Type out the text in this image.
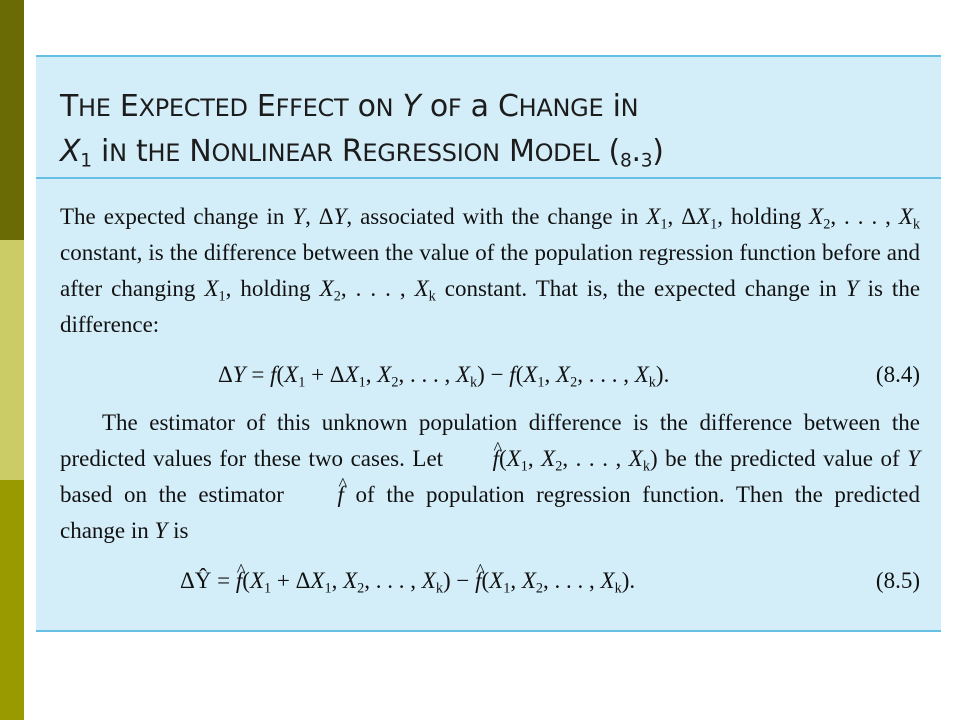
THE EXPECTED EFFECT oN Y oF a CHANGE iN
$X_1$ iN tHE NONLINEAR REGRESSION MODEL $(_8._3)$

The expected change in Y, ΔY, associated with the change in $X_1$, $\Delta X_1$, holding $X_2$, . . . , $X_k$ constant, is the difference between the value of the population regression function before and after changing $X_1$, holding $X_2$, . . . , $X_k$ constant. That is, the expected change in Y is the difference:

$\Delta Y = f(X_1 + \Delta X_1$, $X_2$, . . . , $X_k) - f(X_1$, $X_2$, . . . , $X_k$).	(8.4)

The estimator of this unknown population difference is the difference between the predicted values for these two cases. Let f $\^{}(X_1$, $X_2$, . . . , $X_k$) be the predicted value of Y based on the estimator f ^ of the population regression function. Then the predicted change in Y is

ΔŶ = f $\^{}(X_1 + \Delta X_1$, $X_2$, . . . , $X_k) - f$ $\^{}(X_1$, $X_2$, . . . , $X_k$).	(8.5)
